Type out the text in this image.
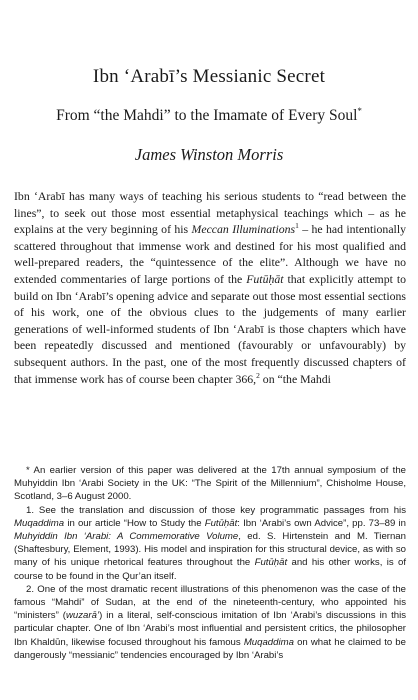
Ibn ‘Arabī’s Messianic Secret
From “the Mahdi” to the Imamate of Every Soul*
James Winston Morris

Ibn ‘Arabī has many ways of teaching his serious students to “read between the lines”, to seek out those most essential metaphysical teachings which – as he explains at the very beginning of his Meccan Illuminations$^1$ – he had intentionally scattered throughout that immense work and destined for his most qualified and well-prepared readers, the “quintessence of the elite”. Although we have no extended commentaries of large portions of the Futūḥāt that explicitly attempt to build on Ibn ‘Arabī’s opening advice and separate out those most essential sections of his work, one of the obvious clues to the judgements of many earlier generations of well-informed students of Ibn ‘Arabī is those chapters which have been repeatedly discussed and mentioned (favourably or unfavourably) by subsequent authors. In the past, one of the most frequently discussed chapters of that immense work has of course been chapter 366,$^2$ on “the Mahdi

* An earlier version of this paper was delivered at the 17th annual symposium of the Muhyiddin Ibn ‘Arabi Society in the UK: “The Spirit of the Millennium”, Chisholme House, Scotland, 3–6 August 2000.

1. See the translation and discussion of those key programmatic passages from his Muqaddima in our article “How to Study the Futūḥāt: Ibn ‘Arabi’s own Advice”, pp. 73–89 in Muhyiddin Ibn ‘Arabi: A Commemorative Volume, ed. S. Hirtenstein and M. Tiernan (Shaftesbury, Element, 1993). His model and inspiration for this structural device, as with so many of his unique rhetorical features throughout the Futūḥāt and his other works, is of course to be found in the Qur’an itself.

2. One of the most dramatic recent illustrations of this phenomenon was the case of the famous “Mahdi” of Sudan, at the end of the nineteenth-century, who appointed his “ministers” (wuzarā’) in a literal, self-conscious imitation of Ibn ‘Arabi’s discussions in this particular chapter. One of Ibn ‘Arabi’s most influential and persistent critics, the philosopher Ibn Khaldūn, likewise focused throughout his famous Muqaddima on what he claimed to be dangerously “messianic” tendencies encouraged by Ibn ‘Arabi’s
